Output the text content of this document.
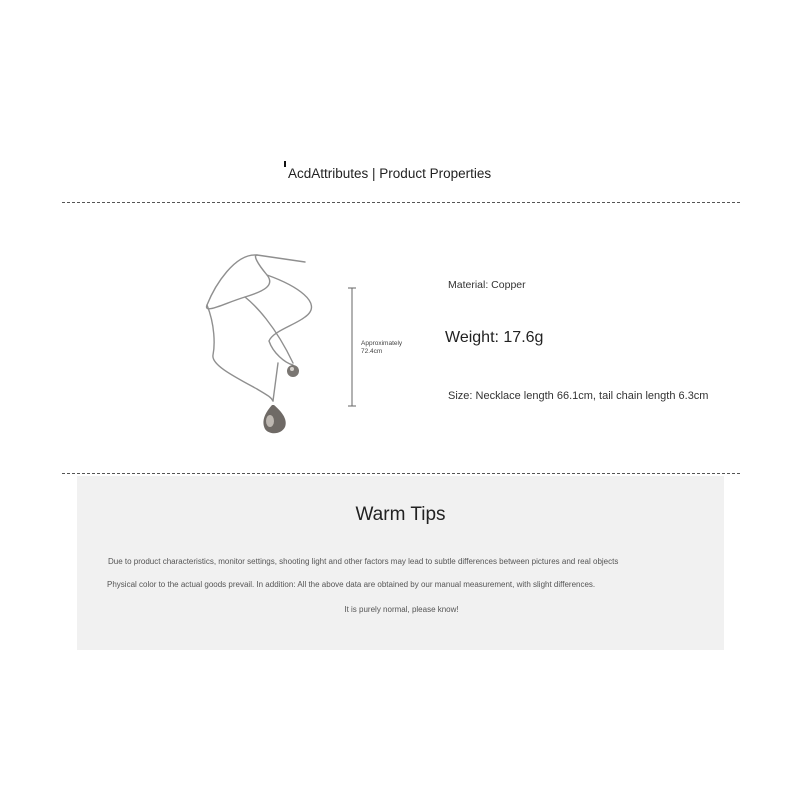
AcdAttributes | Product Properties
Approximately 72.4cm
Material: Copper
Weight: 17.6g
Size: Necklace length 66.1cm, tail chain length 6.3cm
Warm Tips
Due to product characteristics, monitor settings, shooting light and other factors may lead to subtle differences between pictures and real objects
Physical color to the actual goods prevail. In addition: All the above data are obtained by our manual measurement, with slight differences.
It is purely normal, please know!
